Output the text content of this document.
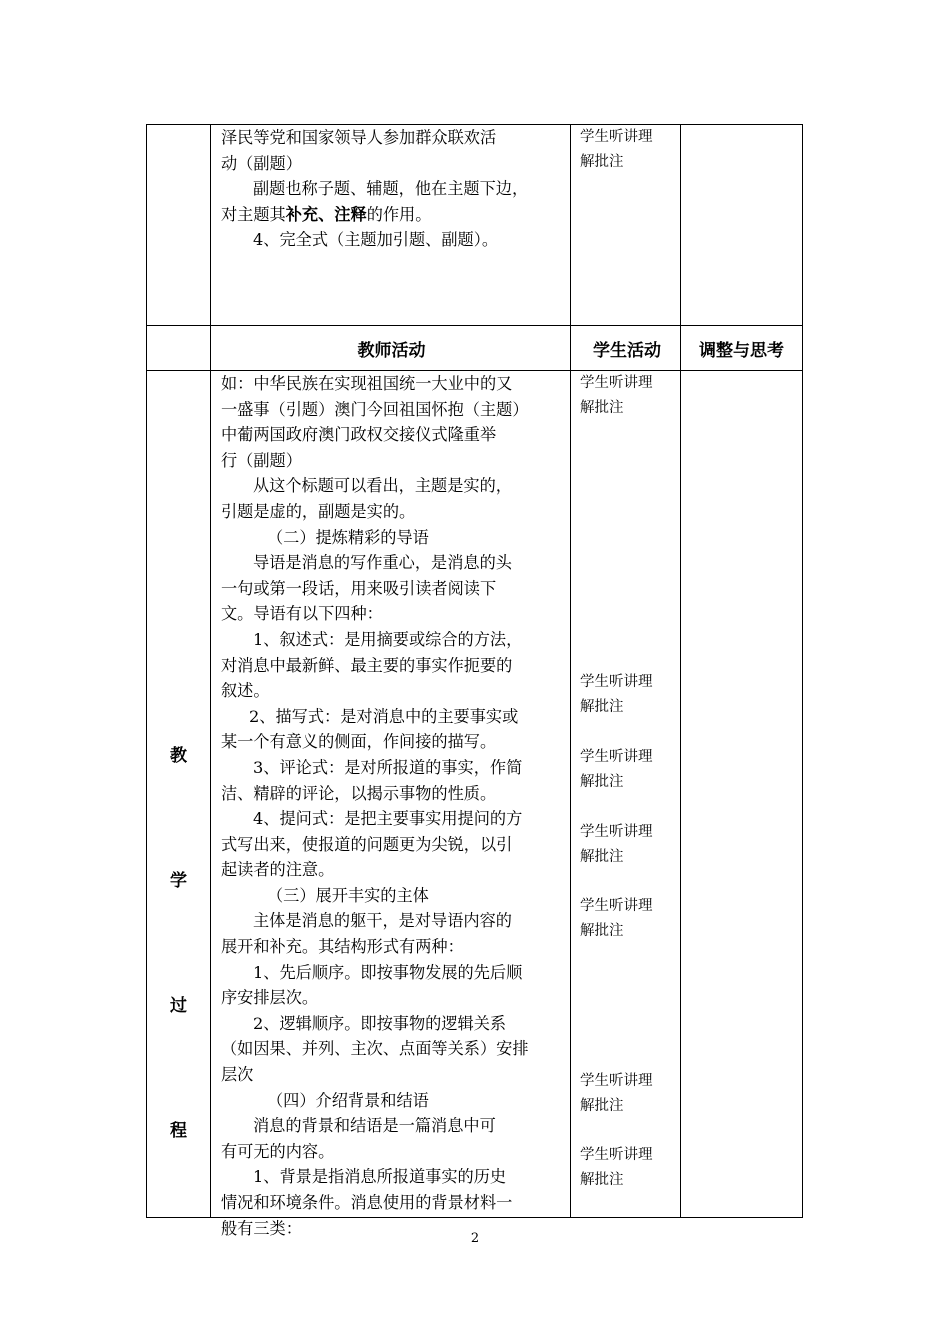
泽民等党和国家领导人参加群众联欢活

动（副题）

副题也称子题、辅题，他在主题下边，

对主题其补充、注释的作用。

4、完全式（主题加引题、副题）。

学生听讲理

解批注

教师活动	学生活动	调整与思考
教
学
过
程

如：中华民族在实现祖国统一大业中的又

一盛事（引题）澳门今回祖国怀抱（主题）

中葡两国政府澳门政权交接仪式隆重举

行（副题）

从这个标题可以看出，主题是实的，

引题是虚的，副题是实的。

（二）提炼精彩的导语

导语是消息的写作重心，是消息的头

一句或第一段话，用来吸引读者阅读下

文。导语有以下四种：

1、叙述式：是用摘要或综合的方法，

对消息中最新鲜、最主要的事实作扼要的

叙述。

2、描写式：是对消息中的主要事实或

某一个有意义的侧面，作间接的描写。

3、评论式：是对所报道的事实，作简

洁、精辟的评论，以揭示事物的性质。

4、提问式：是把主要事实用提问的方

式写出来，使报道的问题更为尖锐，以引

起读者的注意。

（三）展开丰实的主体

主体是消息的躯干，是对导语内容的

展开和补充。其结构形式有两种：

1、先后顺序。即按事物发展的先后顺

序安排层次。

2、逻辑顺序。即按事物的逻辑关系

（如因果、并列、主次、点面等关系）安排

层次

（四）介绍背景和结语

消息的背景和结语是一篇消息中可

有可无的内容。

1、背景是指消息所报道事实的历史

情况和环境条件。消息使用的背景材料一

般有三类：

学生听讲理

解批注

学生听讲理

解批注

学生听讲理

解批注

学生听讲理

解批注

学生听讲理

解批注

学生听讲理

解批注

学生听讲理

解批注

2
